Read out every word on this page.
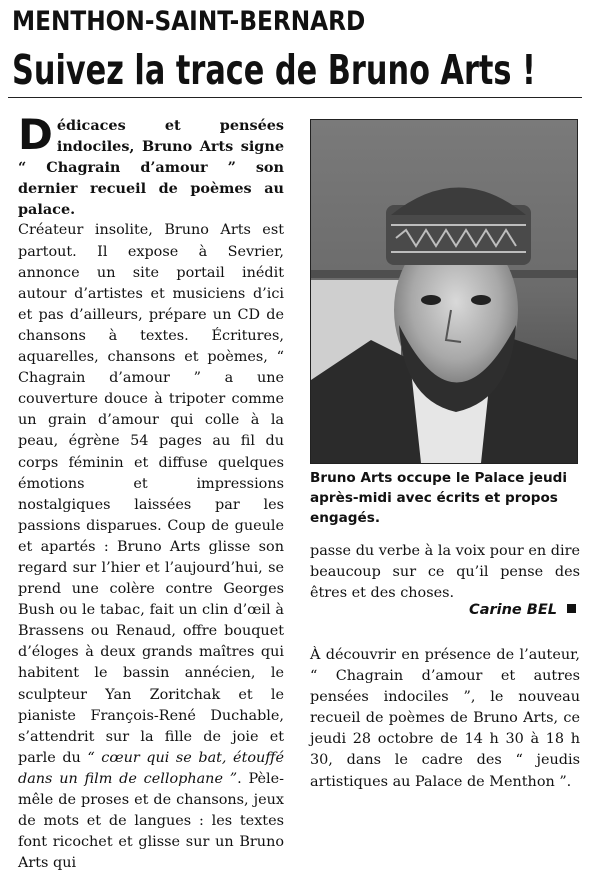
MENTHON-SAINT-BERNARD
Suivez la trace de Bruno Arts !
Dédicaces et pensées indociles, Bruno Arts signe “ Chagrain d’amour ” son dernier recueil de poèmes au palace.

Créateur insolite, Bruno Arts est partout. Il expose à Sevrier, annonce un site portail inédit autour d’artistes et musiciens d’ici et pas d’ailleurs, prépare un CD de chansons à textes. Écritures, aquarelles, chansons et poèmes, “ Chagrain d’amour ” a une couverture douce à tripoter comme un grain d’amour qui colle à la peau, égrène 54 pages au fil du corps féminin et diffuse quelques émotions et impressions nostalgiques laissées par les passions disparues. Coup de gueule et apartés : Bruno Arts glisse son regard sur l’hier et l’aujourd’hui, se prend une colère contre Georges Bush ou le tabac, fait un clin d’œil à Brassens ou Renaud, offre bouquet d’éloges à deux grands maîtres qui habitent le bassin annécien, le sculpteur Yan Zoritchak et le pianiste François-René Duchable, s’attendrit sur la fille de joie et parle du “ cœur qui se bat, étouffé dans un film de cellophane ”. Pèle-mêle de proses et de chansons, jeux de mots et de langues : les textes font ricochet et glisse sur un Bruno Arts qui

Bruno Arts occupe le Palace jeudi après-midi avec écrits et propos engagés.
passe du verbe à la voix pour en dire beaucoup sur ce qu’il pense des êtres et des choses.
Carine BEL
À découvrir en présence de l’auteur, “ Chagrain d’amour et autres pensées indociles ”, le nouveau recueil de poèmes de Bruno Arts, ce jeudi 28 octobre de 14 h 30 à 18 h 30, dans le cadre des “ jeudis artistiques au Palace de Menthon ”.
